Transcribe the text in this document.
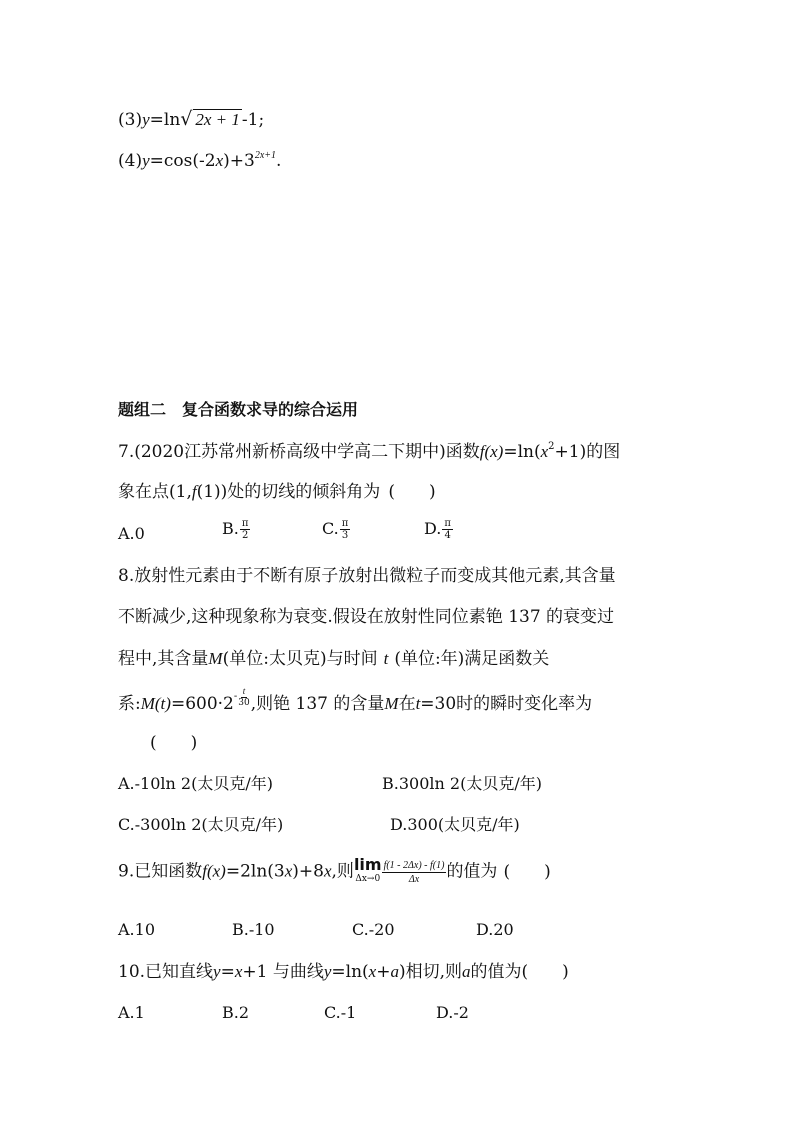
(3)y=ln√ 2x + 1 -1;
$(4)y=\cos(-2x)+3^{2x+1}$.
题组二　复合函数求导的综合运用
7.(2020江苏常州新桥高级中学高二下期中)函数$f(x)=\ln(x^2+1)$的图
象在点(1,f(1))处的切线的倾斜角为 (　　)
A.0	B. $\frac{\pi}{2}$	C. $\frac{\pi}{3}$	D. $\frac{\pi}{4}$
8.放射性元素由于不断有原子放射出微粒子而变成其他元素,其含量
不断减少,这种现象称为衰变.假设在放射性同位素铯 137 的衰变过
程中,其含量M(单位:太贝克)与时间 t (单位:年)满足函数关
系:M(t)=600·2 - $\frac{t}{30}$ ,则铯 137 的含量M在t=30时的瞬时变化率为
(　　)
A.-10ln 2(太贝克/年)	B.300ln 2(太贝克/年)
C.-300ln 2(太贝克/年)	D.300(太贝克/年)
9.已知函数f(x)=2ln(3x)+8x,则 lim
$\Delta x\to 0 \frac{f(1 - 2\Delta x) - f(1)}{\Delta x}$ 的值为 (　　)
A.10	B.-10	C.-20	D.20
10.已知直线y=x+1 与曲线y=ln(x+a)相切,则a的值为(　　)
A.1	B.2	C.-1	D.-2
